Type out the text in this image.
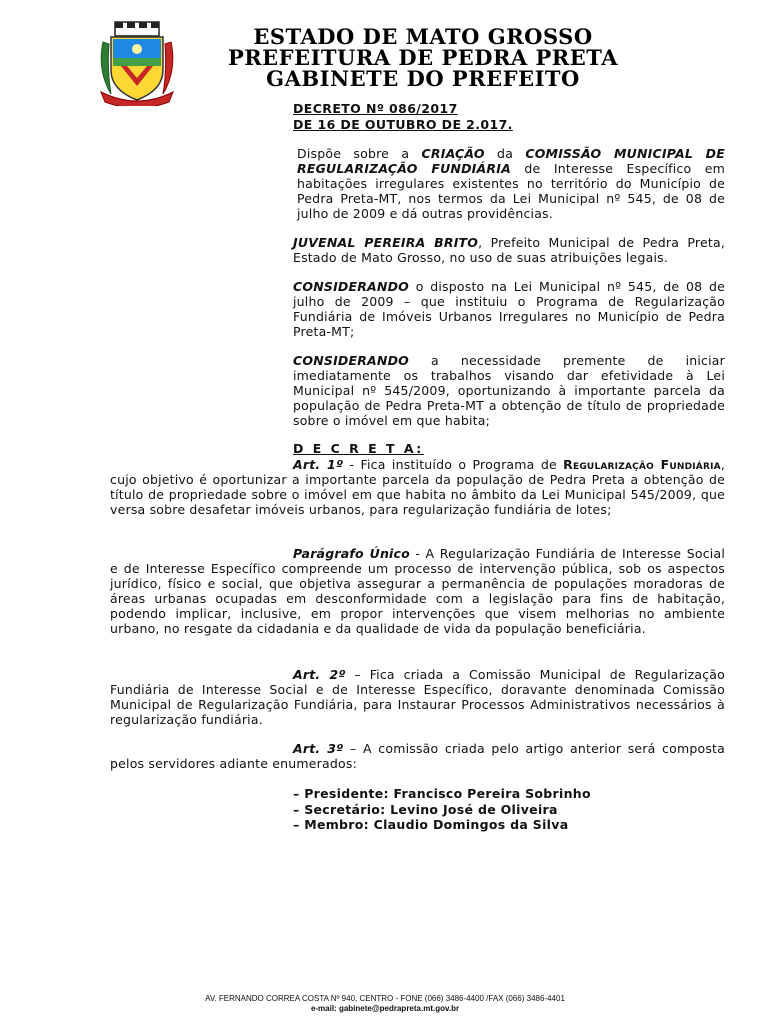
ESTADO DE MATO GROSSO
PREFEITURA DE PEDRA PRETA
GABINETE DO PREFEITO
DECRETO Nº 086/2017
DE 16 DE OUTUBRO DE 2.017.
Dispõe sobre a CRIAÇÃO da COMISSÃO MUNICIPAL DE REGULARIZAÇÃO FUNDIÁRIA de Interesse Específico em habitações irregulares existentes no território do Município de Pedra Preta-MT, nos termos da Lei Municipal nº 545, de 08 de julho de 2009 e dá outras providências.
JUVENAL PEREIRA BRITO, Prefeito Municipal de Pedra Preta, Estado de Mato Grosso, no uso de suas atribuições legais.
CONSIDERANDO o disposto na Lei Municipal nº 545, de 08 de julho de 2009 – que instituiu o Programa de Regularização Fundiária de Imóveis Urbanos Irregulares no Município de Pedra Preta-MT;
CONSIDERANDO a necessidade premente de iniciar imediatamente os trabalhos visando dar efetividade à Lei Municipal nº 545/2009, oportunizando à importante parcela da população de Pedra Preta-MT a obtenção de título de propriedade sobre o imóvel em que habita;
D E C R E T A:
Art. 1º - Fica instituído o Programa de Regularização Fundiária, cujo objetivo é oportunizar a importante parcela da população de Pedra Preta a obtenção de título de propriedade sobre o imóvel em que habita no âmbito da Lei Municipal 545/2009, que versa sobre desafetar imóveis urbanos, para regularização fundiária de lotes;
Parágrafo Único - A Regularização Fundiária de Interesse Social e de Interesse Específico compreende um processo de intervenção pública, sob os aspectos jurídico, físico e social, que objetiva assegurar a permanência de populações moradoras de áreas urbanas ocupadas em desconformidade com a legislação para fins de habitação, podendo implicar, inclusive, em propor intervenções que visem melhorias no ambiente urbano, no resgate da cidadania e da qualidade de vida da população beneficiária.
Art. 2º – Fica criada a Comissão Municipal de Regularização Fundiária de Interesse Social e de Interesse Específico, doravante denominada Comissão Municipal de Regularização Fundiária, para Instaurar Processos Administrativos necessários à regularização fundiária.
Art. 3º – A comissão criada pelo artigo anterior será composta pelos servidores adiante enumerados:
– Presidente: Francisco Pereira Sobrinho
– Secretário: Levino José de Oliveira
– Membro: Claudio Domingos da Silva
AV. FERNANDO CORREA COSTA Nº 940, CENTRO - FONE (066) 3486-4400 /FAX (066) 3486-4401
e-mail: gabinete@pedrapreta.mt.gov.br
